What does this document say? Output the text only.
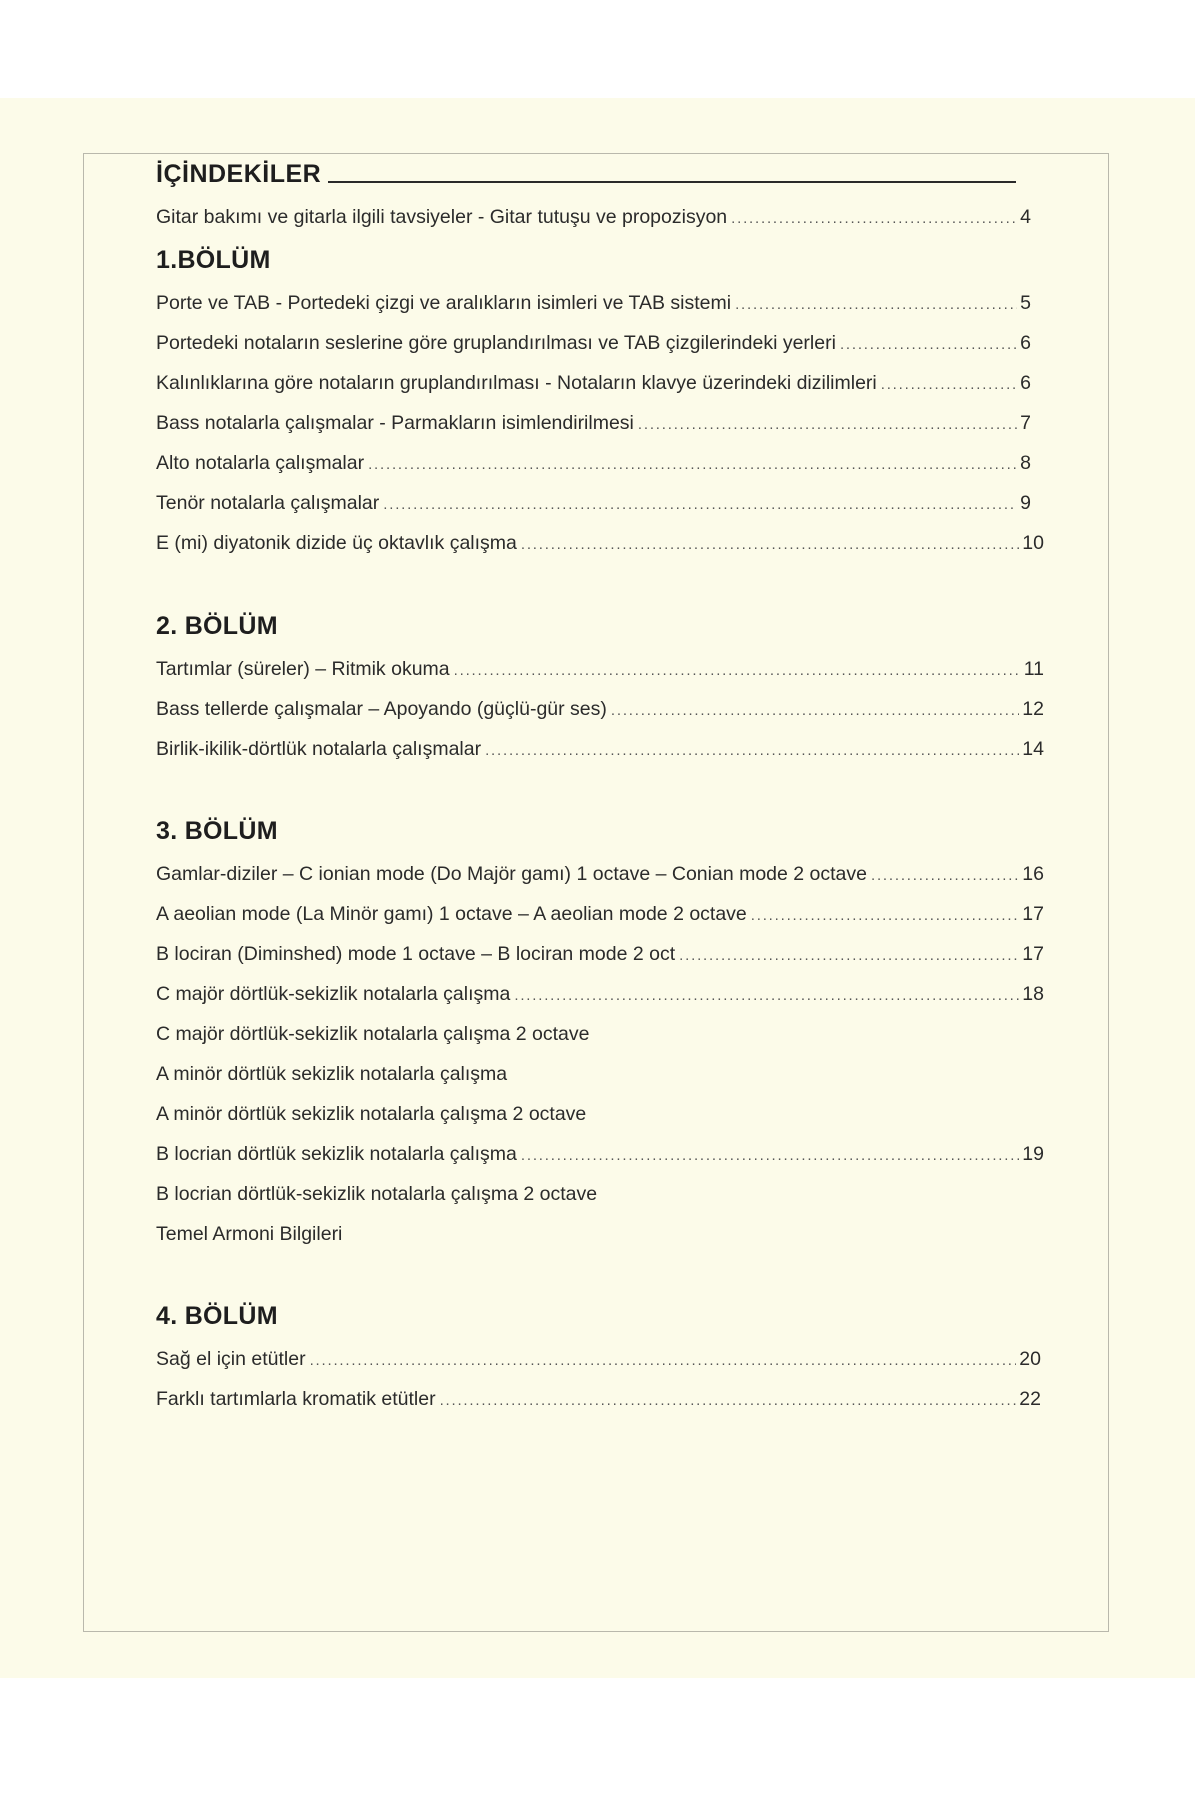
İÇİNDEKİLER
Gitar bakımı ve gitarla ilgili tavsiyeler - Gitar tutuşu ve propozisyon .....	4
1.BÖLÜM
Porte ve TAB - Portedeki çizgi ve aralıkların isimleri ve TAB sistemi .....	5
Portedeki notaların seslerine göre gruplandırılması ve TAB çizgilerindeki yerleri .....	6
Kalınlıklarına göre notaların gruplandırılması - Notaların klavye üzerindeki dizilimleri .....	6
Bass notalarla çalışmalar - Parmakların isimlendirilmesi .....	7
Alto notalarla çalışmalar .....	8
Tenör notalarla çalışmalar .....	9
E (mi) diyatonik dizide üç oktavlık çalışma .....	10
2. BÖLÜM
Tartımlar (süreler) – Ritmik okuma .....	11
Bass tellerde çalışmalar – Apoyando (güçlü-gür ses) .....	12
Birlik-ikilik-dörtlük notalarla çalışmalar .....	14
3. BÖLÜM
Gamlar-diziler – C ionian mode (Do Majör gamı) 1 octave – Conian mode 2 octave .....	16
A aeolian mode (La Minör gamı) 1 octave – A aeolian mode 2 octave .....	17
B lociran (Diminshed) mode 1 octave – B lociran mode 2 oct .....	17
C majör dörtlük-sekizlik notalarla çalışma .....	18
C majör dörtlük-sekizlik notalarla çalışma 2 octave
A minör dörtlük sekizlik notalarla çalışma
A minör dörtlük sekizlik notalarla çalışma 2 octave
B locrian dörtlük sekizlik notalarla çalışma .....	19
B locrian dörtlük-sekizlik notalarla çalışma 2 octave
Temel Armoni Bilgileri
4. BÖLÜM
Sağ el için etütler .....	20
Farklı tartımlarla kromatik etütler .....	22
